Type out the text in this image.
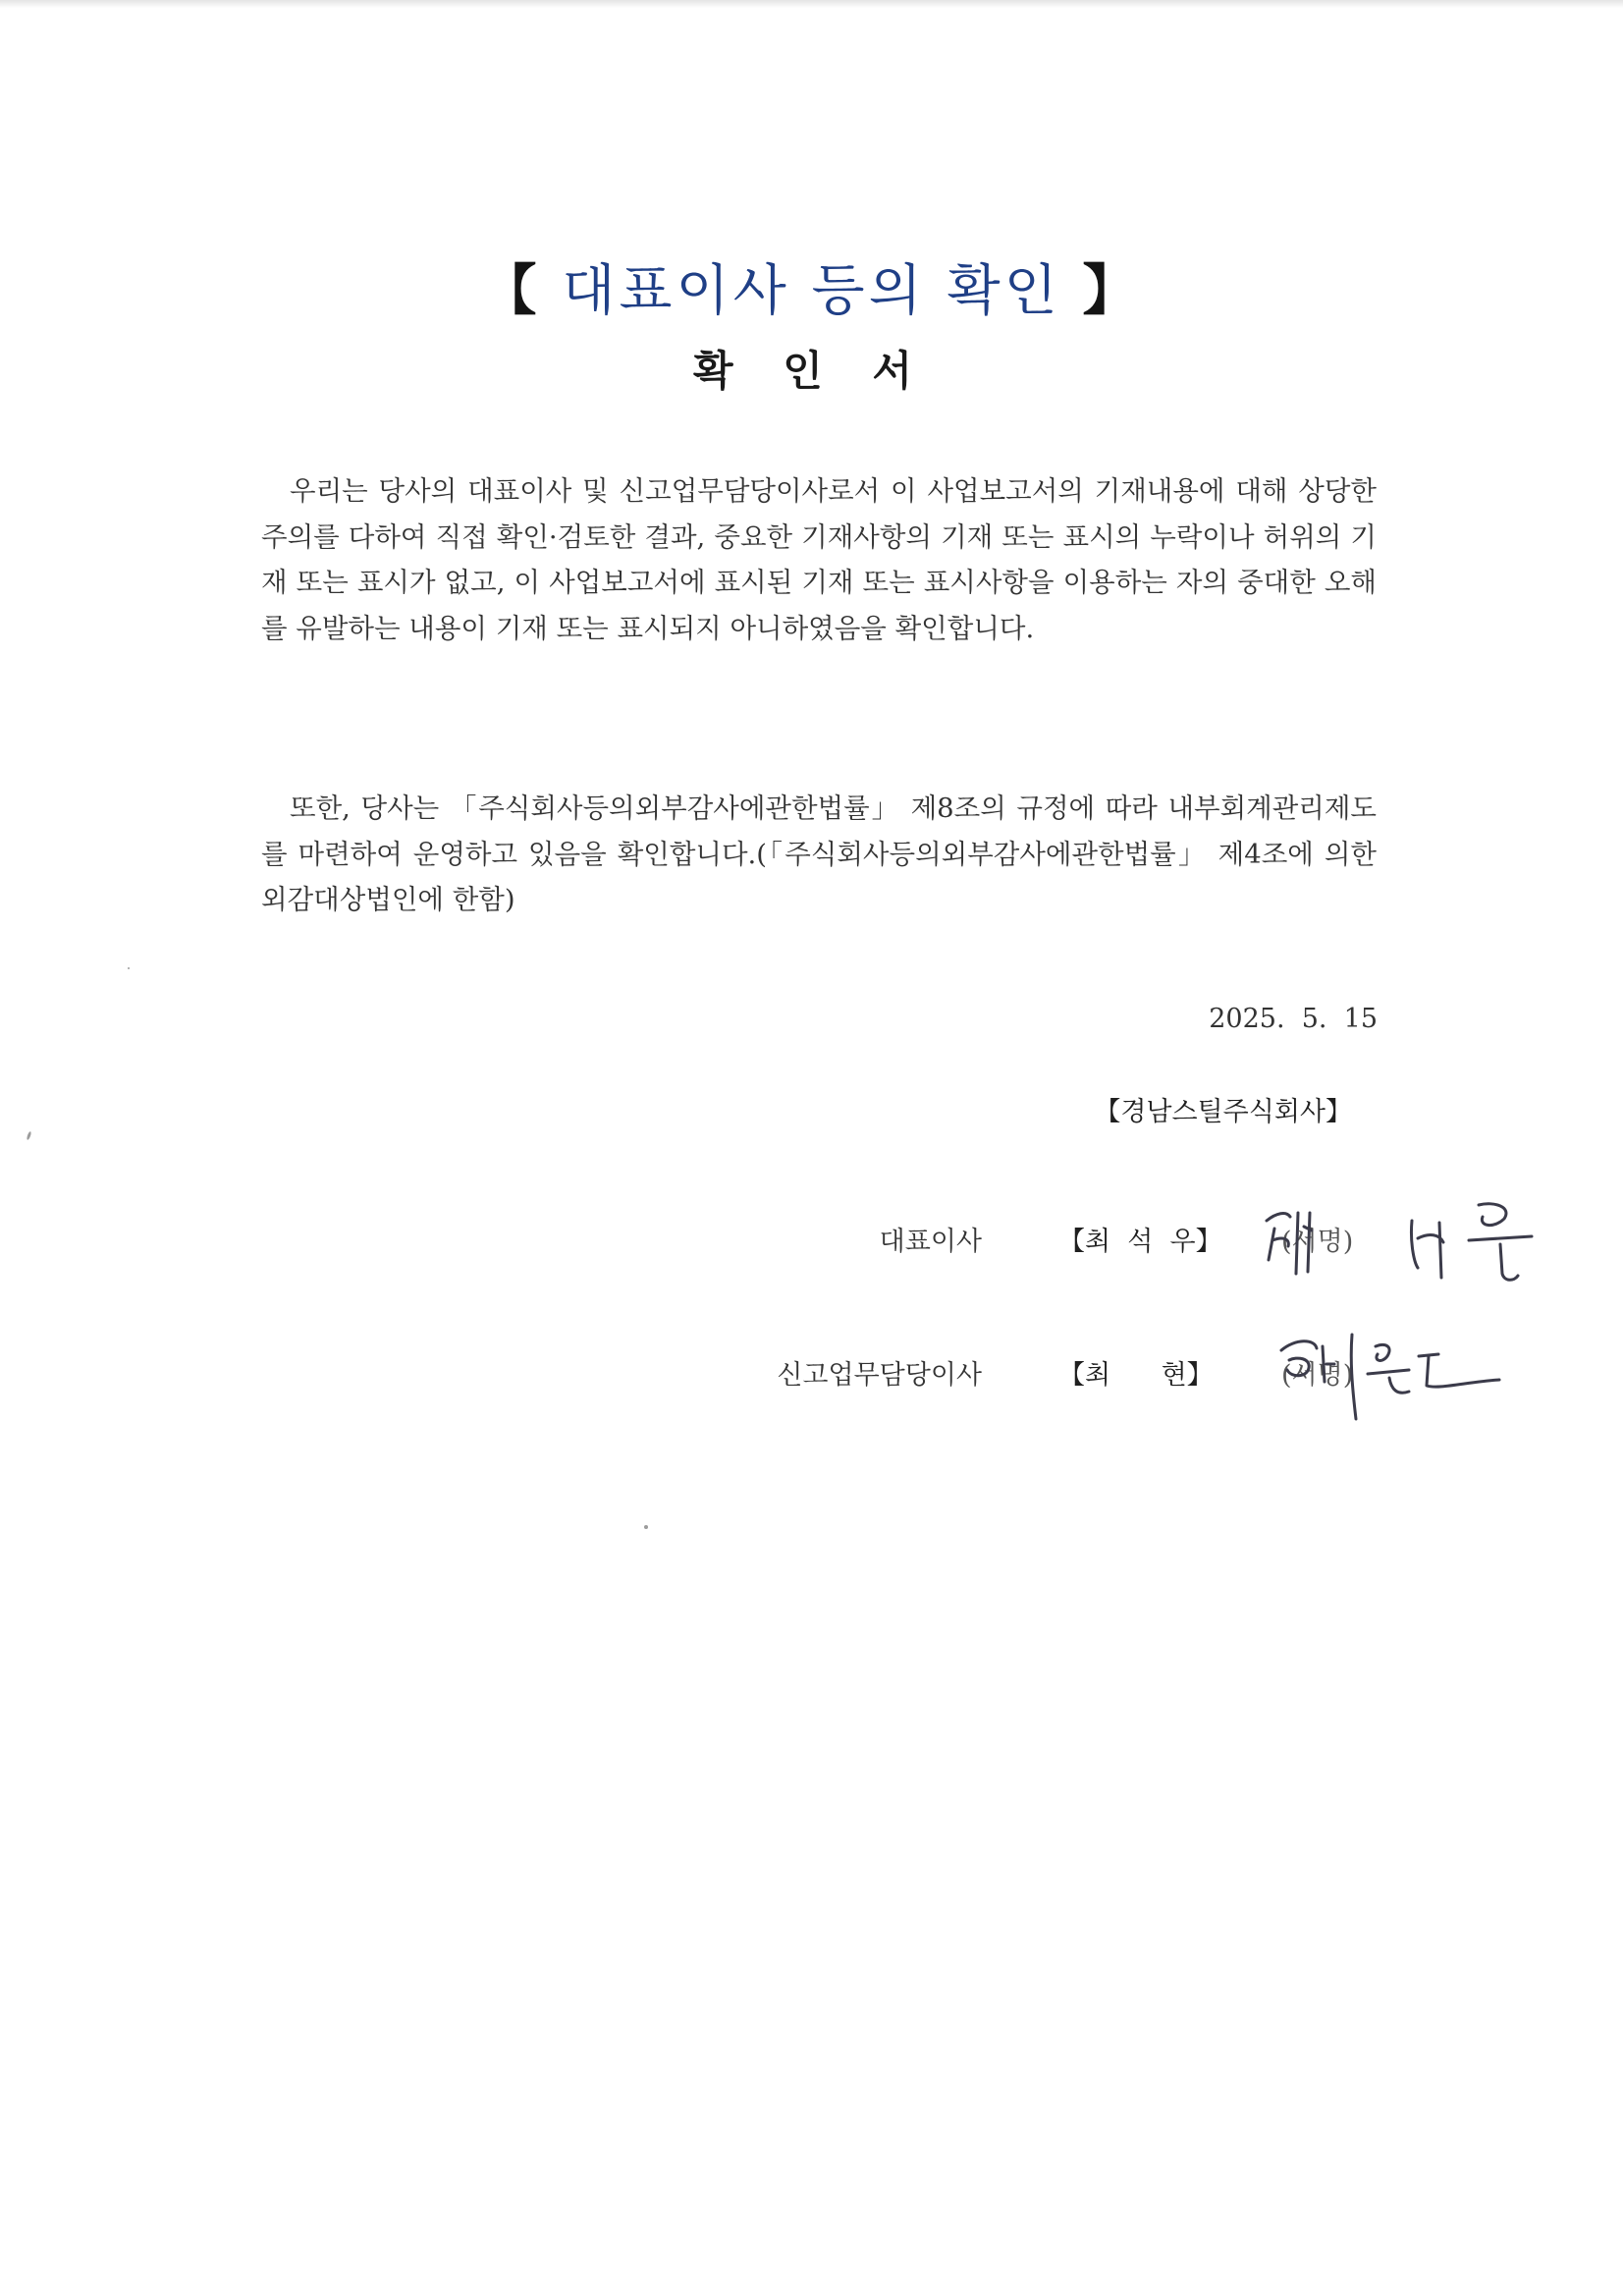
【 대표이사 등의 확인 】
확 인 서
우리는 당사의 대표이사 및 신고업무담당이사로서 이 사업보고서의 기재내용에 대해 상당한 주의를 다하여 직접 확인·검토한 결과, 중요한 기재사항의 기재 또는 표시의 누락이나 허위의 기재 또는 표시가 없고, 이 사업보고서에 표시된 기재 또는 표시사항을 이용하는 자의 중대한 오해를 유발하는 내용이 기재 또는 표시되지 아니하였음을 확인합니다.
또한, 당사는 「주식회사등의외부감사에관한법률」 제8조의 규정에 따라 내부회계관리제도를 마련하여 운영하고 있음을 확인합니다.(「주식회사등의외부감사에관한법률」 제4조에 의한 외감대상법인에 한함)
2025.  5.  15
【경남스틸주식회사】
대표이사	【최  석  우】 (서명)
신고업무담당이사	【최      현】	(서명)
